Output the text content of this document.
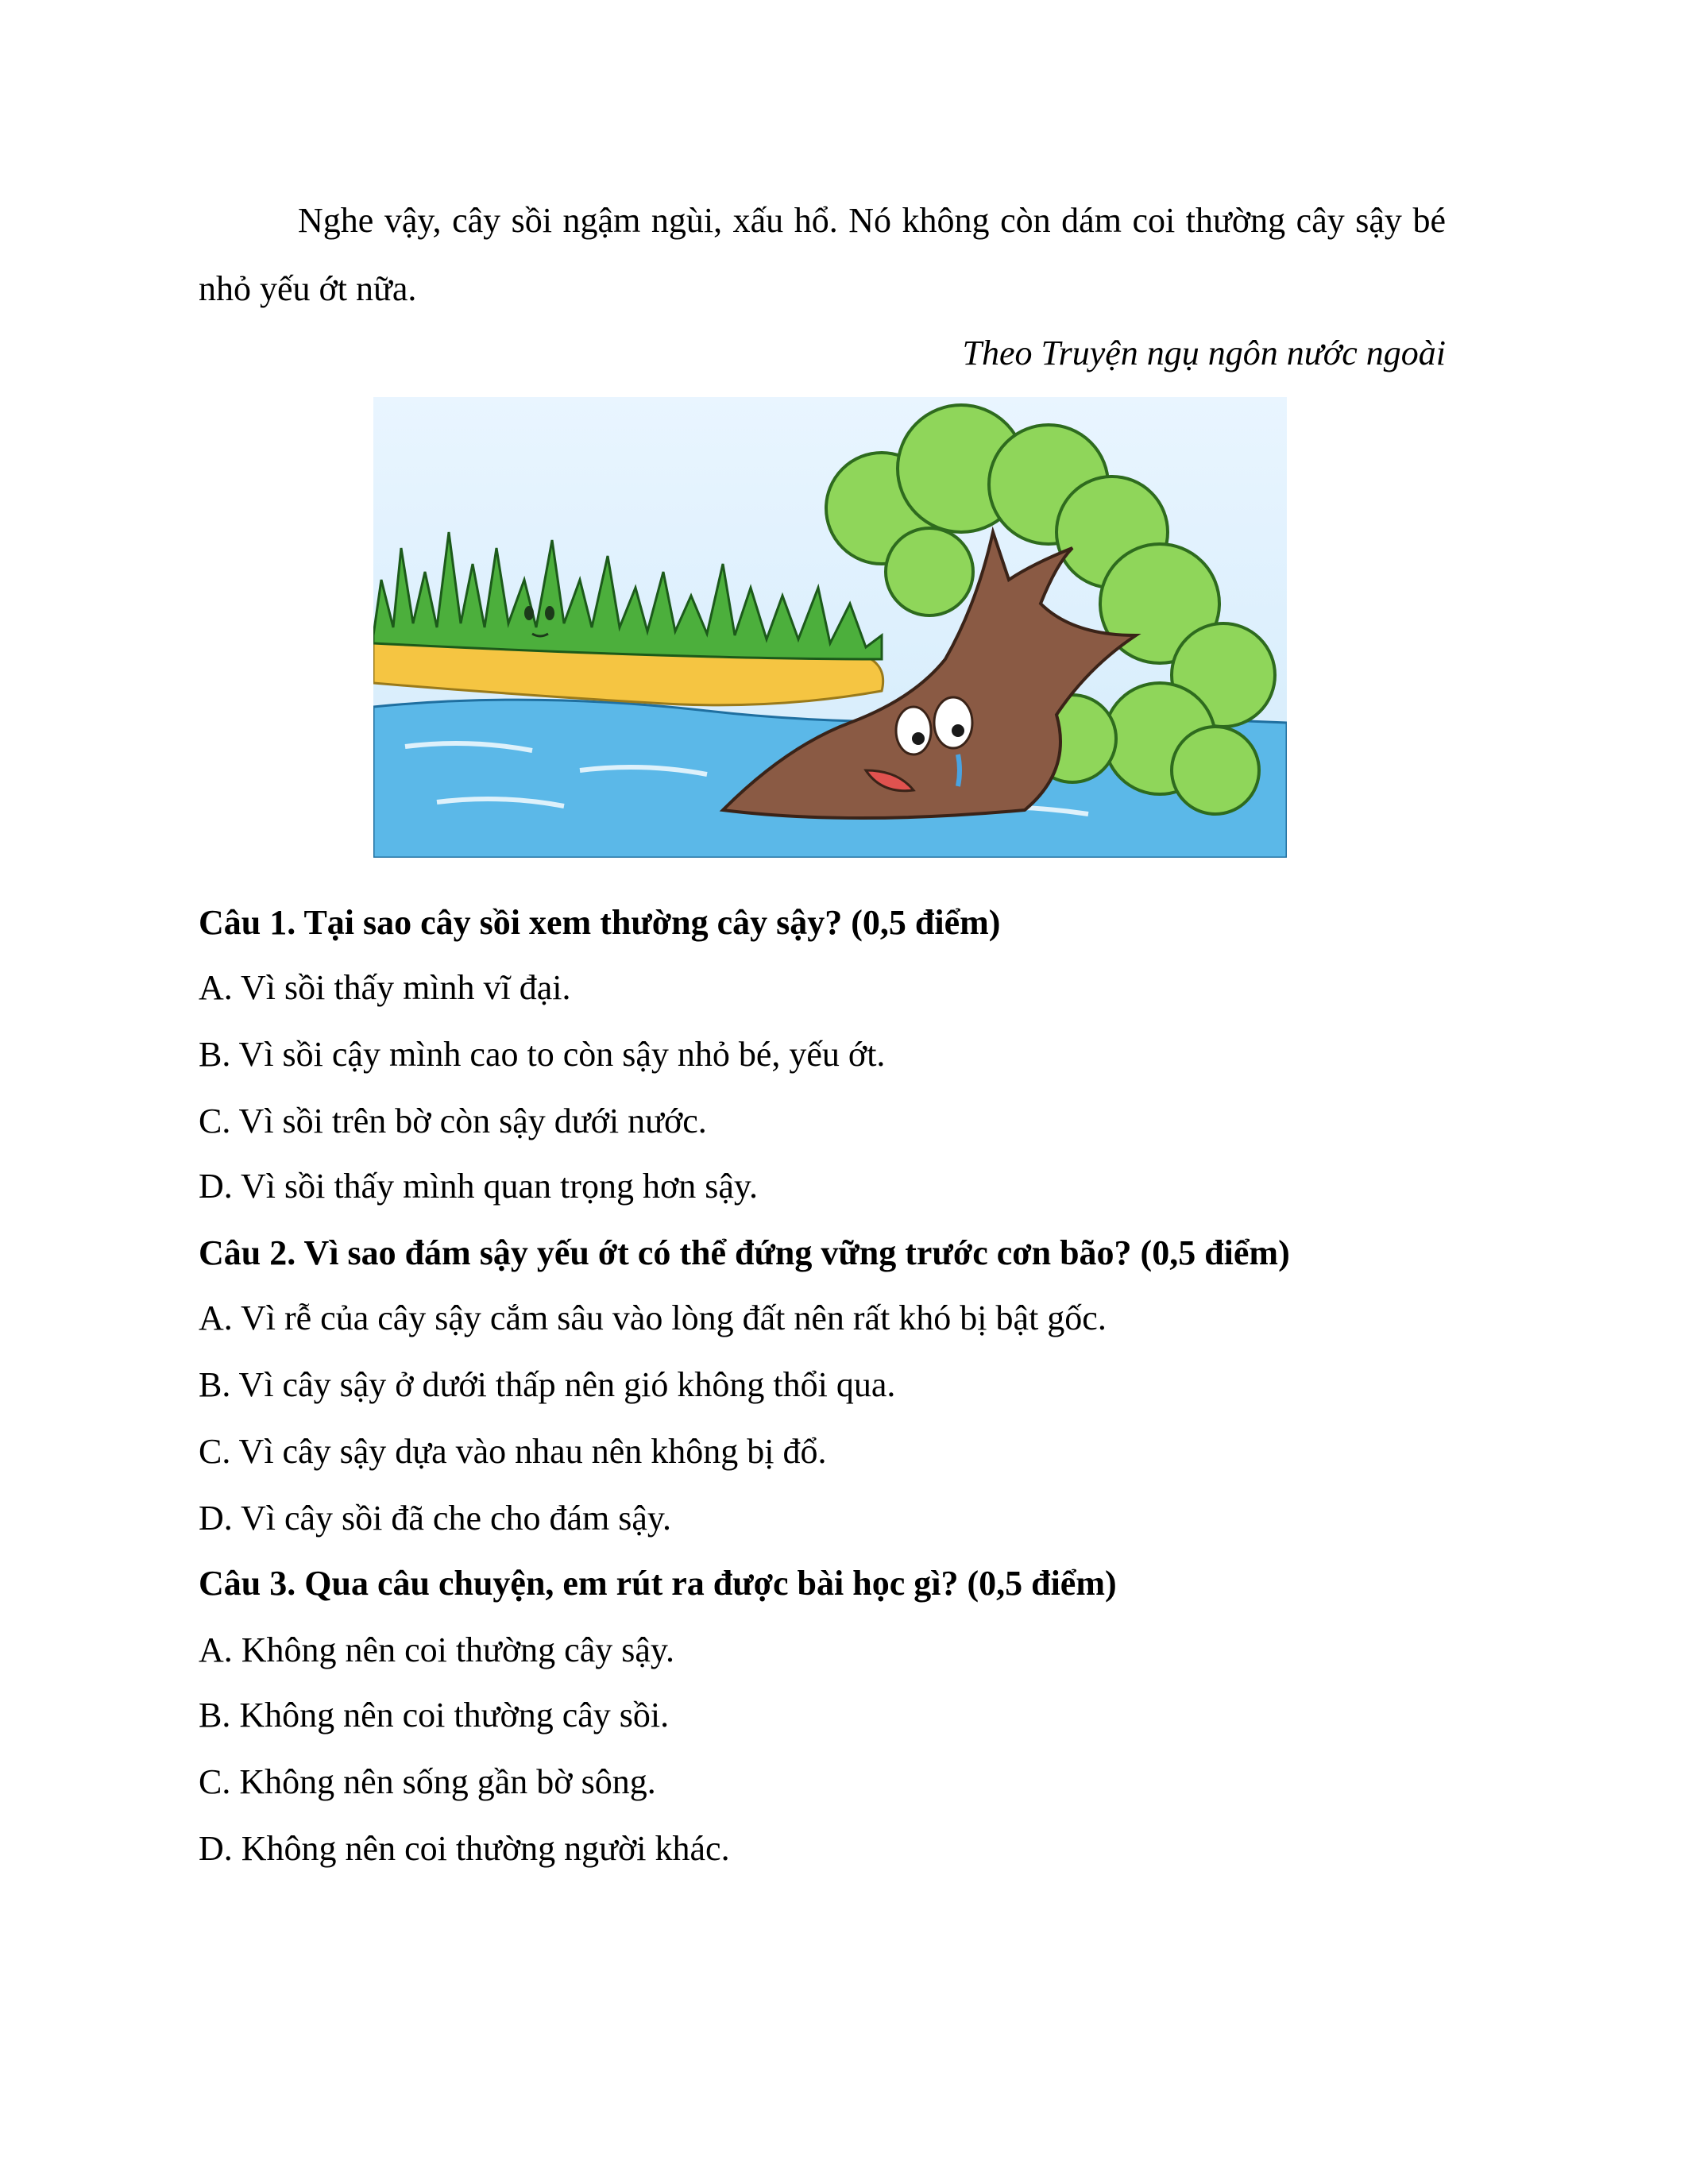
Nghe vậy, cây sồi ngậm ngùi, xấu hổ. Nó không còn dám coi thường cây sậy bé nhỏ yếu ớt nữa.

Theo Truyện ngụ ngôn nước ngoài
Câu 1. Tại sao cây sồi xem thường cây sậy? (0,5 điểm)
A. Vì sồi thấy mình vĩ đại.
B. Vì sồi cậy mình cao to còn sậy nhỏ bé, yếu ớt.
C. Vì sồi trên bờ còn sậy dưới nước.
D. Vì sồi thấy mình quan trọng hơn sậy.
Câu 2. Vì sao đám sậy yếu ớt có thể đứng vững trước cơn bão? (0,5 điểm)
A. Vì rễ của cây sậy cắm sâu vào lòng đất nên rất khó bị bật gốc.
B. Vì cây sậy ở dưới thấp nên gió không thổi qua.
C. Vì cây sậy dựa vào nhau nên không bị đổ.
D. Vì cây sồi đã che cho đám sậy.
Câu 3. Qua câu chuyện, em rút ra được bài học gì? (0,5 điểm)
A. Không nên coi thường cây sậy.
B. Không nên coi thường cây sồi.
C. Không nên sống gần bờ sông.
D. Không nên coi thường người khác.
